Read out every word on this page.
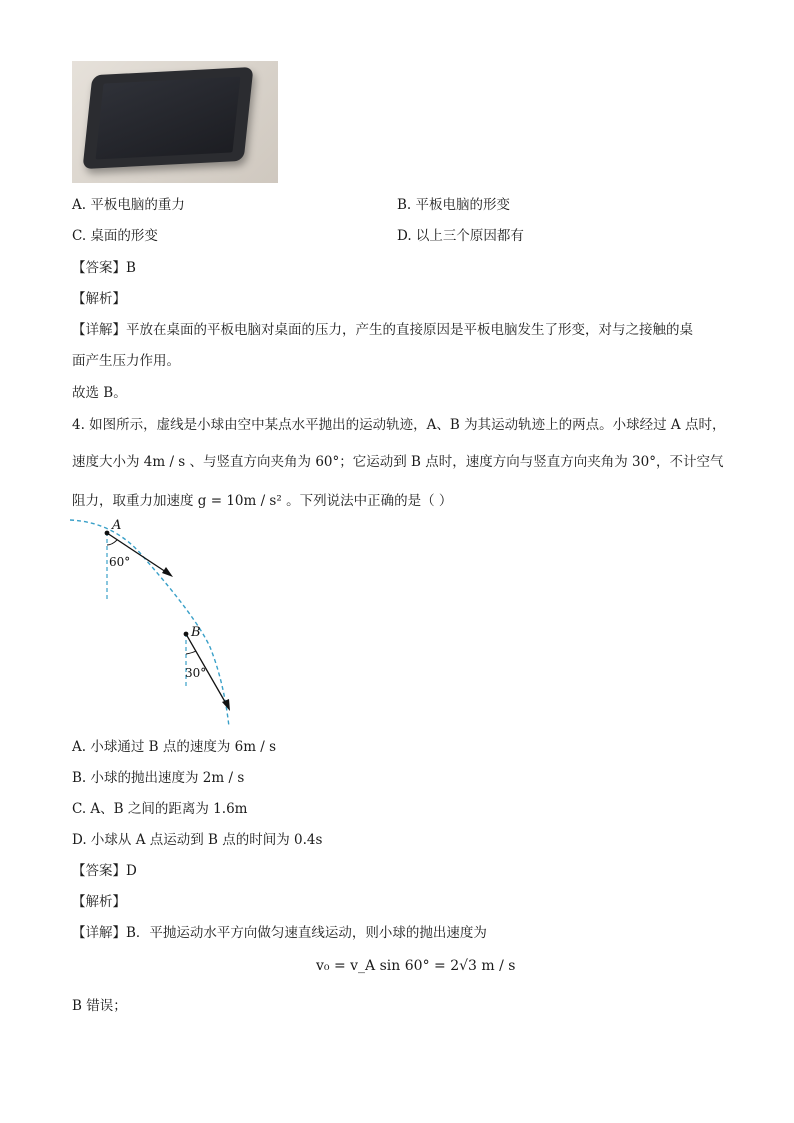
A. 平板电脑的重力	B. 平板电脑的形变
C. 桌面的形变	D. 以上三个原因都有
【答案】B
【解析】
【详解】平放在桌面的平板电脑对桌面的压力，产生的直接原因是平板电脑发生了形变，对与之接触的桌
面产生压力作用。
故选 B。
4. 如图所示，虚线是小球由空中某点水平抛出的运动轨迹，A、B 为其运动轨迹上的两点。小球经过 A 点时，
速度大小为 4m / s 、与竖直方向夹角为 60°；它运动到 B 点时，速度方向与竖直方向夹角为 30°，不计空气
阻力，取重力加速度 g = 10m / s² 。下列说法中正确的是（ ）
A
B
60°
30°
A. 小球通过 B 点的速度为 6m / s
B. 小球的抛出速度为 2m / s
C. A、B 之间的距离为 1.6m
D. 小球从 A 点运动到 B 点的时间为 0.4s
【答案】D
【解析】
【详解】B．平抛运动水平方向做匀速直线运动，则小球的抛出速度为
v₀ = v_A sin 60° = 2√3 m / s
B 错误；
